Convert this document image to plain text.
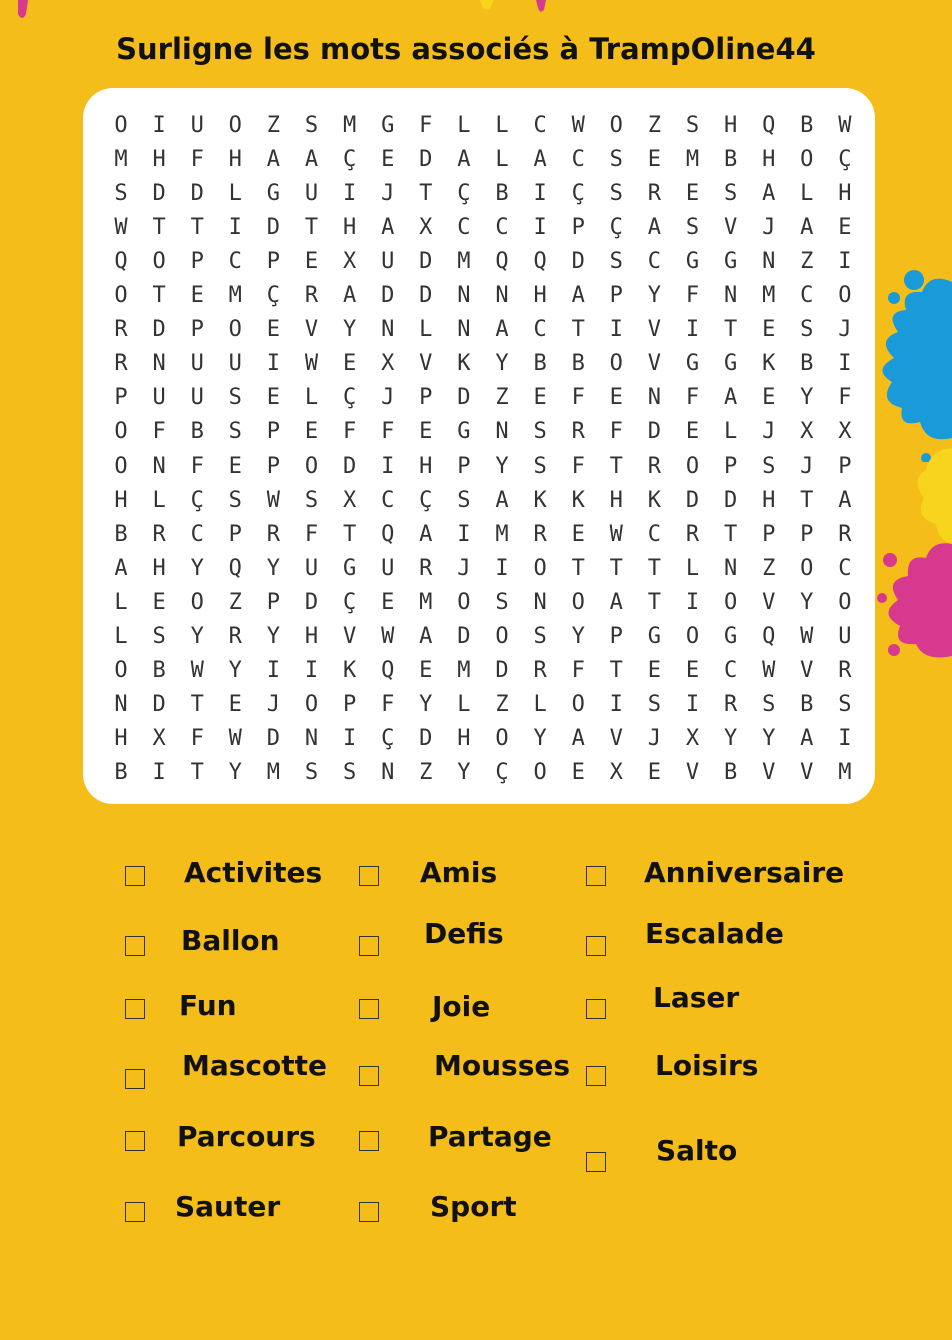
Surligne les mots associés à TrampOline44
O	I	U	O	Z	S	M	G	F	L	L	C	W	O	Z	S	H	Q	B	W
M	H	F	H	A	A	Ç	E	D	A	L	A	C	S	E	M	B	H	O	Ç
S	D	D	L	G	U	I	J	T	Ç	B	I	Ç	S	R	E	S	A	L	H
W	T	T	I	D	T	H	A	X	C	C	I	P	Ç	A	S	V	J	A	E
Q	O	P	C	P	E	X	U	D	M	Q	Q	D	S	C	G	G	N	Z	I
O	T	E	M	Ç	R	A	D	D	N	N	H	A	P	Y	F	N	M	C	O
R	D	P	O	E	V	Y	N	L	N	A	C	T	I	V	I	T	E	S	J
R	N	U	U	I	W	E	X	V	K	Y	B	B	O	V	G	G	K	B	I
P	U	U	S	E	L	Ç	J	P	D	Z	E	F	E	N	F	A	E	Y	F
O	F	B	S	P	E	F	F	E	G	N	S	R	F	D	E	L	J	X	X
O	N	F	E	P	O	D	I	H	P	Y	S	F	T	R	O	P	S	J	P
H	L	Ç	S	W	S	X	C	Ç	S	A	K	K	H	K	D	D	H	T	A
B	R	C	P	R	F	T	Q	A	I	M	R	E	W	C	R	T	P	P	R
A	H	Y	Q	Y	U	G	U	R	J	I	O	T	T	T	L	N	Z	O	C
L	E	O	Z	P	D	Ç	E	M	O	S	N	O	A	T	I	O	V	Y	O
L	S	Y	R	Y	H	V	W	A	D	O	S	Y	P	G	O	G	Q	W	U
O	B	W	Y	I	I	K	Q	E	M	D	R	F	T	E	E	C	W	V	R
N	D	T	E	J	O	P	F	Y	L	Z	L	O	I	S	I	R	S	B	S
H	X	F	W	D	N	I	Ç	D	H	O	Y	A	V	J	X	Y	Y	A	I
B	I	T	Y	M	S	S	N	Z	Y	Ç	O	E	X	E	V	B	V	V	M
Activites	Amis	Anniversaire
Ballon	Defis	Escalade
Fun	Joie	Laser
Mascotte	Mousses	Loisirs
Parcours	Partage	Salto
Sauter	Sport
